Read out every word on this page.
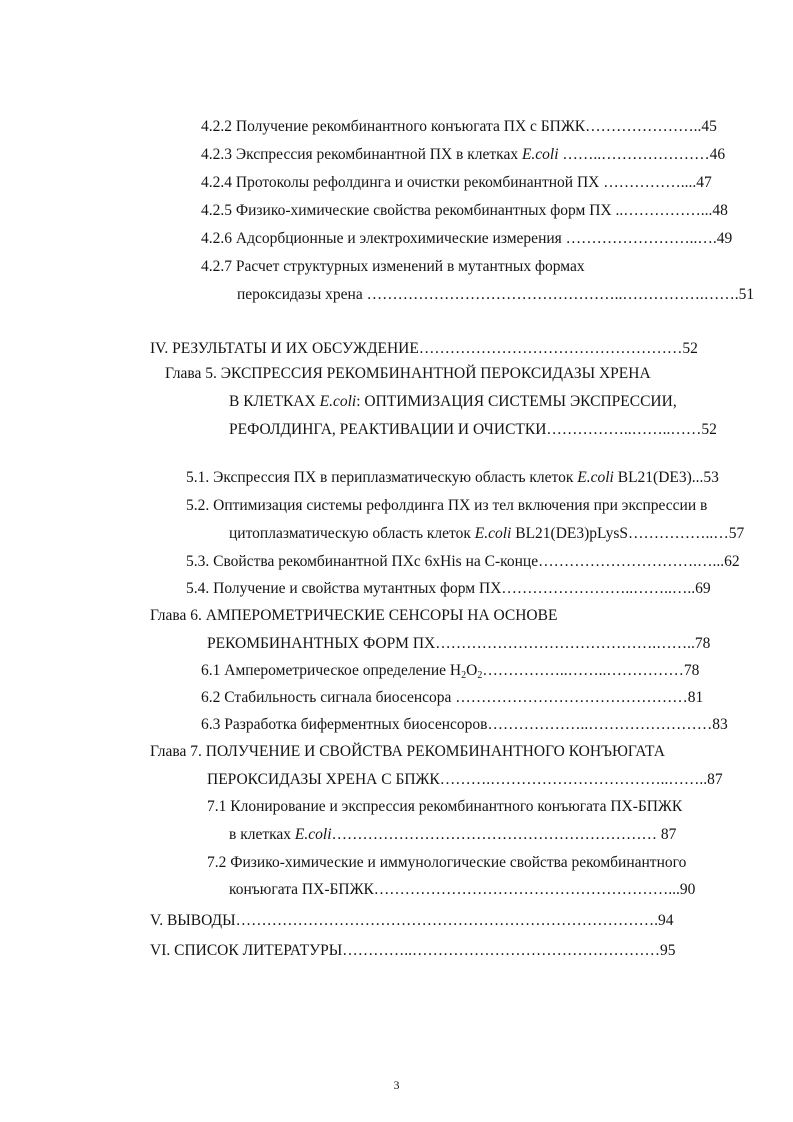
4.2.2 Получение рекомбинантного конъюгата ПХ с БПЖК…………………..45
4.2.3 Экспрессия рекомбинантной ПХ в клетках E.coli ……..…………………46
4.2.4 Протоколы рефолдинга и очистки рекомбинантной ПХ ……………....47
4.2.5 Физико-химические свойства рекомбинантных форм ПХ ..……………...48
4.2.6 Адсорбционные и электрохимические измерения ……………………..….49
4.2.7 Расчет структурных изменений в мутантных формах
пероксидазы хрена …………………………………………..…………….…….51
IV. РЕЗУЛЬТАТЫ И ИХ ОБСУЖДЕНИЕ……………………………………………52
Глава 5. ЭКСПРЕССИЯ РЕКОМБИНАНТНОЙ ПЕРОКСИДАЗЫ ХРЕНА
В КЛЕТКАХ E.coli: ОПТИМИЗАЦИЯ СИСТЕМЫ ЭКСПРЕССИИ,
РЕФОЛДИНГА, РЕАКТИВАЦИИ И ОЧИСТКИ……………..……..……52
5.1. Экспрессия ПХ в периплазматическую область клеток E.coli BL21(DE3)...53
5.2. Оптимизация системы рефолдинга ПХ из тел включения при экспрессии в
цитоплазматическую область клеток E.coli BL21(DE3)pLysS……………..…57
5.3. Свойства рекомбинантной ПХс 6xHis на С-конце………………………….…...62
5.4. Получение и свойства мутантных форм ПХ……………………..……..…..69
Глава 6. АМПЕРОМЕТРИЧЕСКИЕ СЕНСОРЫ НА ОСНОВЕ
РЕКОМБИНАНТНЫХ ФОРМ ПХ…………………………………….……..78
6.1 Амперометрическое определение $H_2O_2\dots\dots\dots\dots\dots..\dots\dots..\dots\dots\dots\dots\dots 78$
6.2 Стабильность сигнала биосенсора ………………………………………81
6.3 Разработка биферментных биосенсоров………………..……………………83
Глава 7. ПОЛУЧЕНИЕ И СВОЙСТВА РЕКОМБИНАНТНОГО КОНЪЮГАТА
ПЕРОКСИДАЗЫ ХРЕНА С БПЖК……….……………………………..……..87
7.1 Клонирование и экспрессия рекомбинантного конъюгата ПХ-БПЖК
в клетках E.coli……………………………………………………… 87
7.2 Физико-химические и иммунологические свойства рекомбинантного
конъюгата ПХ-БПЖК…………………………………………………...90
V. ВЫВОДЫ……………………………………………………………………….94
VI. СПИСОК ЛИТЕРАТУРЫ…………..…………………………………………95
3
